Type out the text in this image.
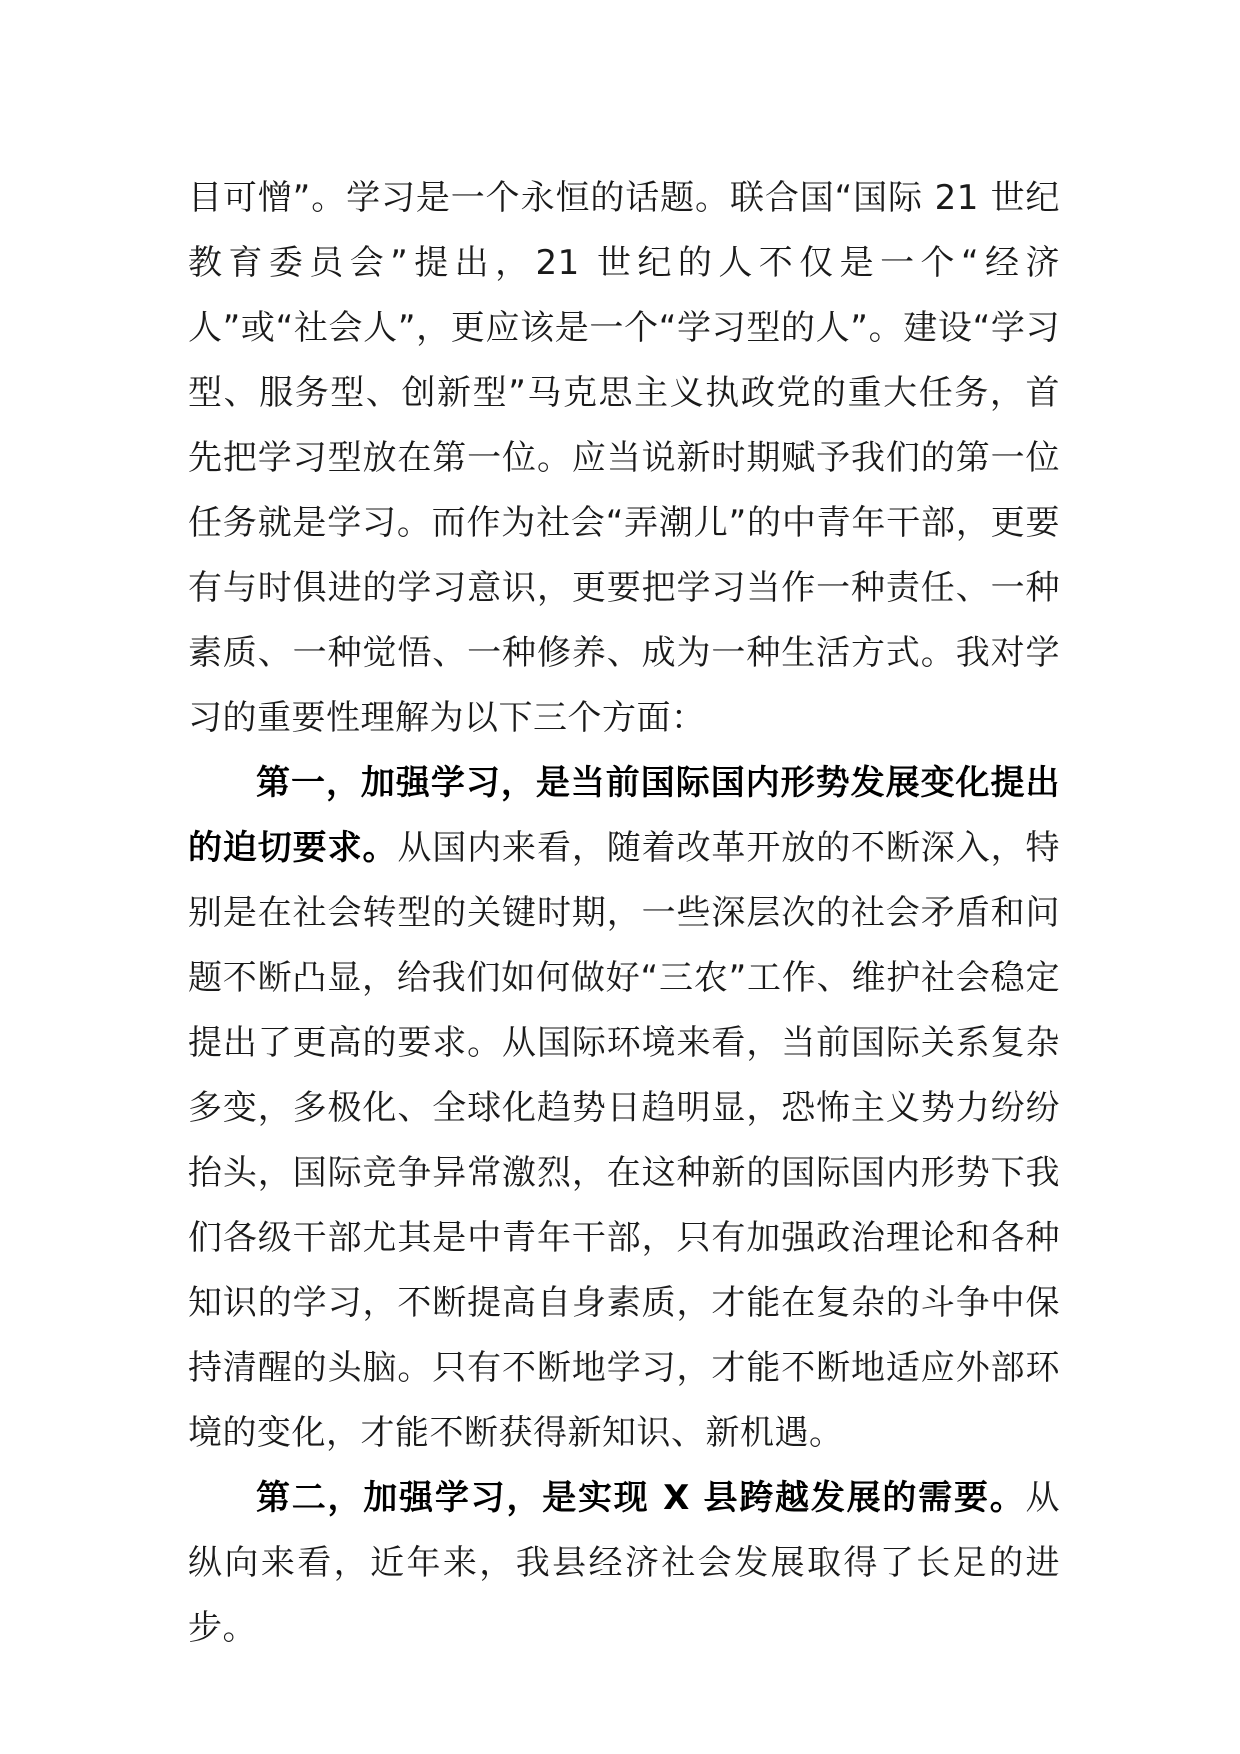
目可憎”。学习是一个永恒的话题。联合国“国际 21 世纪教育委员会”提出，21 世纪的人不仅是一个“经济人”或“社会人”，更应该是一个“学习型的人”。建设“学习型、服务型、创新型”马克思主义执政党的重大任务，首先把学习型放在第一位。应当说新时期赋予我们的第一位任务就是学习。而作为社会“弄潮儿”的中青年干部，更要有与时俱进的学习意识，更要把学习当作一种责任、一种素质、一种觉悟、一种修养、成为一种生活方式。我对学习的重要性理解为以下三个方面：

第一，加强学习，是当前国际国内形势发展变化提出的迫切要求。从国内来看，随着改革开放的不断深入，特别是在社会转型的关键时期，一些深层次的社会矛盾和问题不断凸显，给我们如何做好“三农”工作、维护社会稳定提出了更高的要求。从国际环境来看，当前国际关系复杂多变，多极化、全球化趋势日趋明显，恐怖主义势力纷纷抬头，国际竞争异常激烈，在这种新的国际国内形势下我们各级干部尤其是中青年干部，只有加强政治理论和各种知识的学习，不断提高自身素质，才能在复杂的斗争中保持清醒的头脑。只有不断地学习，才能不断地适应外部环境的变化，才能不断获得新知识、新机遇。

第二，加强学习，是实现 X 县跨越发展的需要。从纵向来看，近年来，我县经济社会发展取得了长足的进步。
